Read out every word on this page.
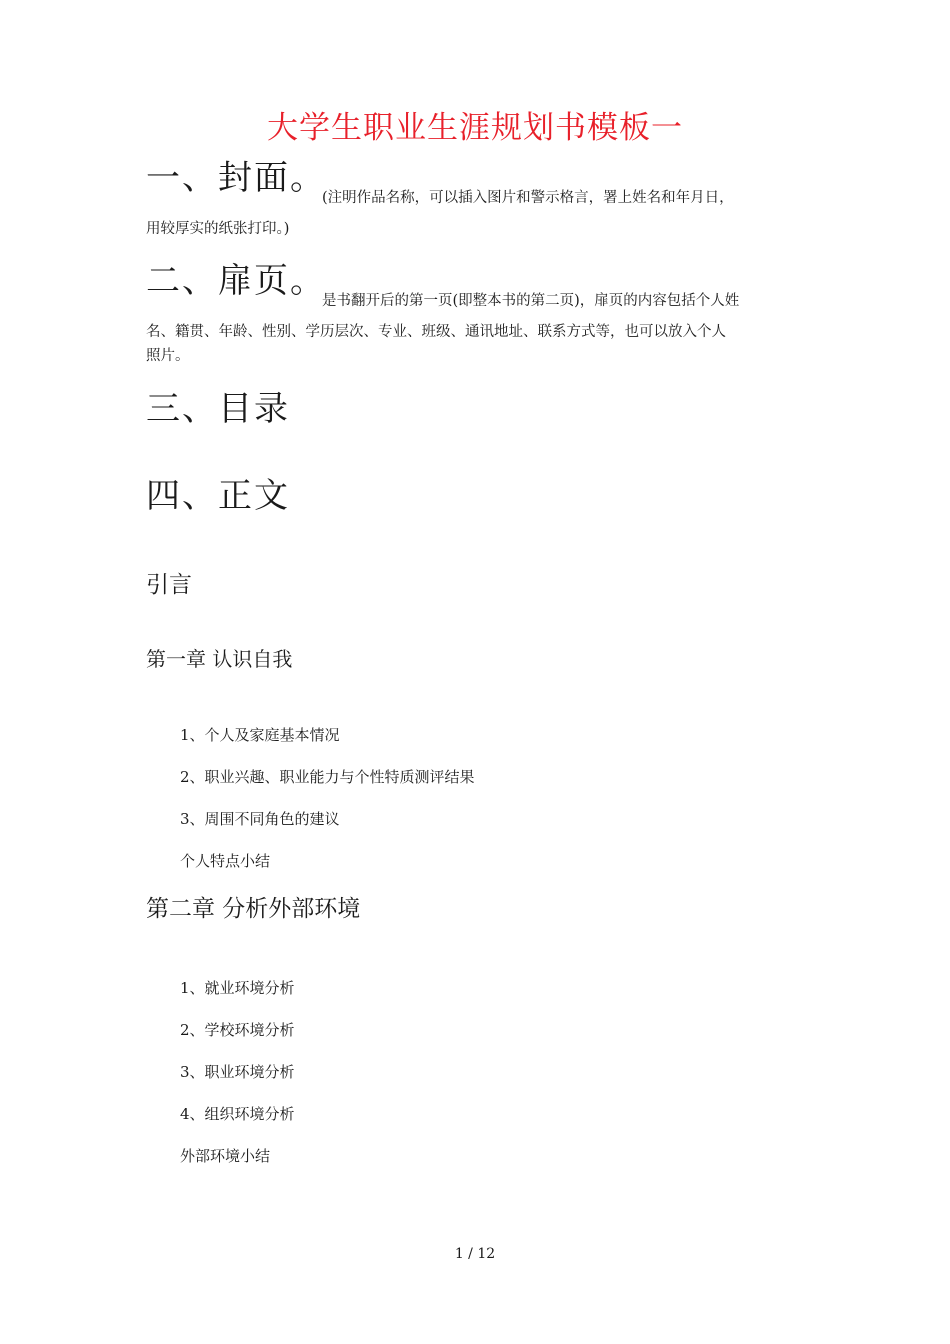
大学生职业生涯规划书模板一
一、封面。
(注明作品名称，可以插入图片和警示格言，署上姓名和年月日，
用较厚实的纸张打印。)
二、扉页。
是书翻开后的第一页(即整本书的第二页)，扉页的内容包括个人姓
名、籍贯、年龄、性别、学历层次、专业、班级、通讯地址、联系方式等，也可以放入个人
照片。
三、目录
四、正文
引言
第一章 认识自我
1、个人及家庭基本情况
2、职业兴趣、职业能力与个性特质测评结果
3、周围不同角色的建议
个人特点小结
第二章 分析外部环境
1、就业环境分析
2、学校环境分析
3、职业环境分析
4、组织环境分析
外部环境小结
1 / 12
